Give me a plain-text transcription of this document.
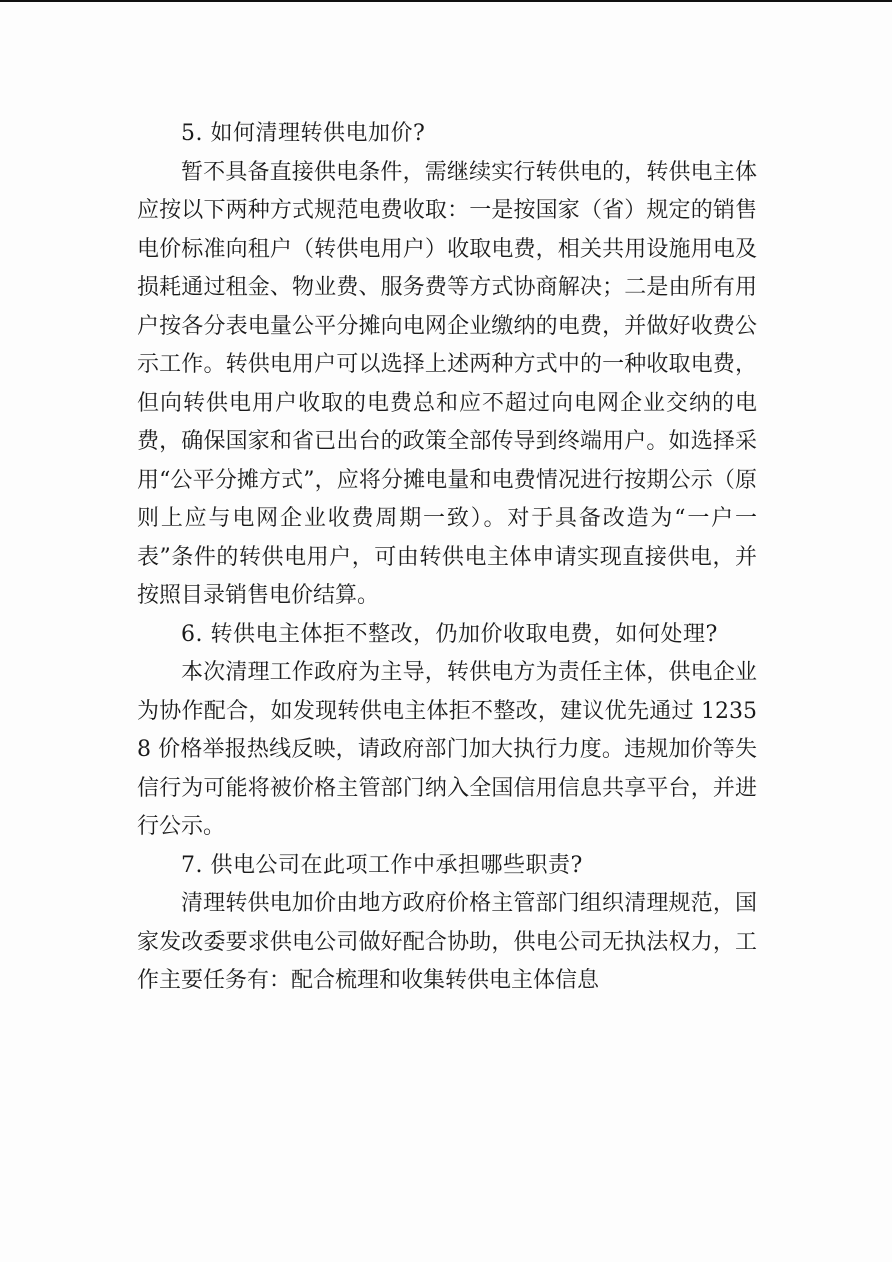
5. 如何清理转供电加价?

暂不具备直接供电条件，需继续实行转供电的，转供电主体应按以下两种方式规范电费收取：一是按国家（省）规定的销售电价标准向租户（转供电用户）收取电费，相关共用设施用电及损耗通过租金、物业费、服务费等方式协商解决；二是由所有用户按各分表电量公平分摊向电网企业缴纳的电费，并做好收费公示工作。转供电用户可以选择上述两种方式中的一种收取电费，但向转供电用户收取的电费总和应不超过向电网企业交纳的电费，确保国家和省已出台的政策全部传导到终端用户。如选择采用“公平分摊方式”，应将分摊电量和电费情况进行按期公示（原则上应与电网企业收费周期一致）。对于具备改造为“一户一表”条件的转供电用户，可由转供电主体申请实现直接供电，并按照目录销售电价结算。

6. 转供电主体拒不整改，仍加价收取电费，如何处理?

本次清理工作政府为主导，转供电方为责任主体，供电企业为协作配合，如发现转供电主体拒不整改，建议优先通过 12358 价格举报热线反映，请政府部门加大执行力度。违规加价等失信行为可能将被价格主管部门纳入全国信用信息共享平台，并进行公示。

7. 供电公司在此项工作中承担哪些职责?

清理转供电加价由地方政府价格主管部门组织清理规范，国家发改委要求供电公司做好配合协助，供电公司无执法权力，工作主要任务有：配合梳理和收集转供电主体信息
